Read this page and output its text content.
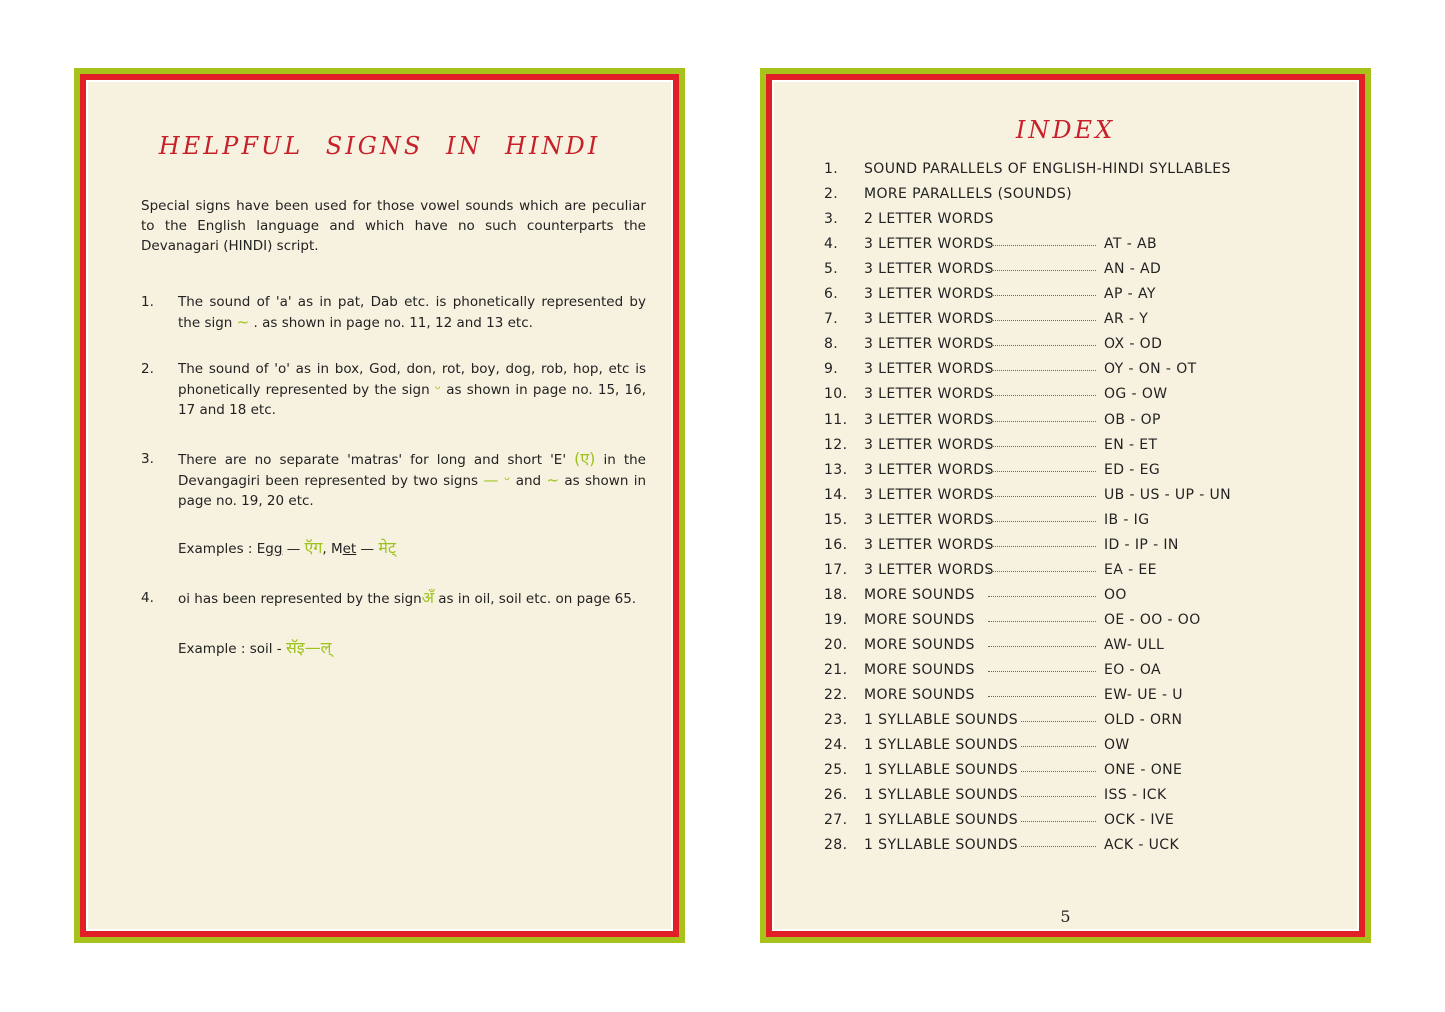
HELPFUL SIGNS IN HINDI
Special signs have been used for those vowel sounds which are peculiar to the English language and which have no such counterparts the Devanagari (HINDI) script.
1. The sound of 'a' as in pat, Dab etc. is phonetically represented by the sign ~ . as shown in page no. 11, 12 and 13 etc.
2. The sound of 'o' as in box, God, don, rot, boy, dog, rob, hop, etc is phonetically represented by the sign ᵕ as shown in page no. 15, 16, 17 and 18 etc.
3. There are no separate 'matras' for long and short 'E' (ए) in the Devangagiri been represented by two signs — ᵕ and ~ as shown in page no. 19, 20 etc.
Examples : Egg — ऍग, Met — मेट्
4. oi has been represented by the signअँ as in oil, soil etc. on page 65.
Example : soil - सॅइ—ल्
INDEX
1. SOUND PARALLELS OF ENGLISH-HINDI SYLLABLES
2. MORE PARALLELS (SOUNDS)
3. 2 LETTER WORDS
4. 3 LETTER WORDS	AT - AB
5. 3 LETTER WORDS	AN - AD
6. 3 LETTER WORDS	AP - AY
7. 3 LETTER WORDS	AR - Y
8. 3 LETTER WORDS	OX - OD
9. 3 LETTER WORDS	OY - ON - OT
10. 3 LETTER WORDS	OG - OW
11. 3 LETTER WORDS	OB - OP
12. 3 LETTER WORDS	EN - ET
13. 3 LETTER WORDS	ED - EG
14. 3 LETTER WORDS	UB - US - UP - UN
15. 3 LETTER WORDS	IB - IG
16. 3 LETTER WORDS	ID - IP - IN
17. 3 LETTER WORDS	EA - EE
18. MORE SOUNDS	OO
19. MORE SOUNDS	OE - OO - OO
20. MORE SOUNDS	AW- ULL
21. MORE SOUNDS	EO - OA
22. MORE SOUNDS	EW- UE - U
23. 1 SYLLABLE SOUNDS	OLD - ORN
24. 1 SYLLABLE SOUNDS	OW
25. 1 SYLLABLE SOUNDS	ONE - ONE
26. 1 SYLLABLE SOUNDS	ISS - ICK
27. 1 SYLLABLE SOUNDS	OCK - IVE
28. 1 SYLLABLE SOUNDS	ACK - UCK
5
